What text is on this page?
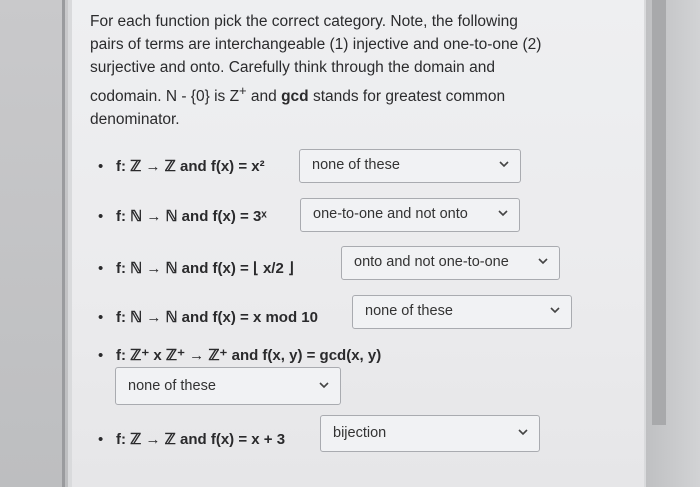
For each function pick the correct category. Note, the following
pairs of terms are interchangeable (1) injective and one-to-one (2)
surjective and onto. Carefully think through the domain and
codomain. N - {0} is Z+ and gcd stands for greatest common
denominator.
• f: ℤ → ℤ and f(x) = x²	none of these
• f: ℕ → ℕ and f(x) = 3ˣ	one-to-one and not onto
• f: ℕ → ℕ and f(x) = ⌊ x/2 ⌋	onto and not one-to-one
• f: ℕ → ℕ and f(x) = x mod 10	none of these
• f: ℤ⁺ x ℤ⁺ → ℤ⁺ and f(x, y) = gcd(x, y)
none of these
• f: ℤ → ℤ and f(x) = x + 3	bijection
